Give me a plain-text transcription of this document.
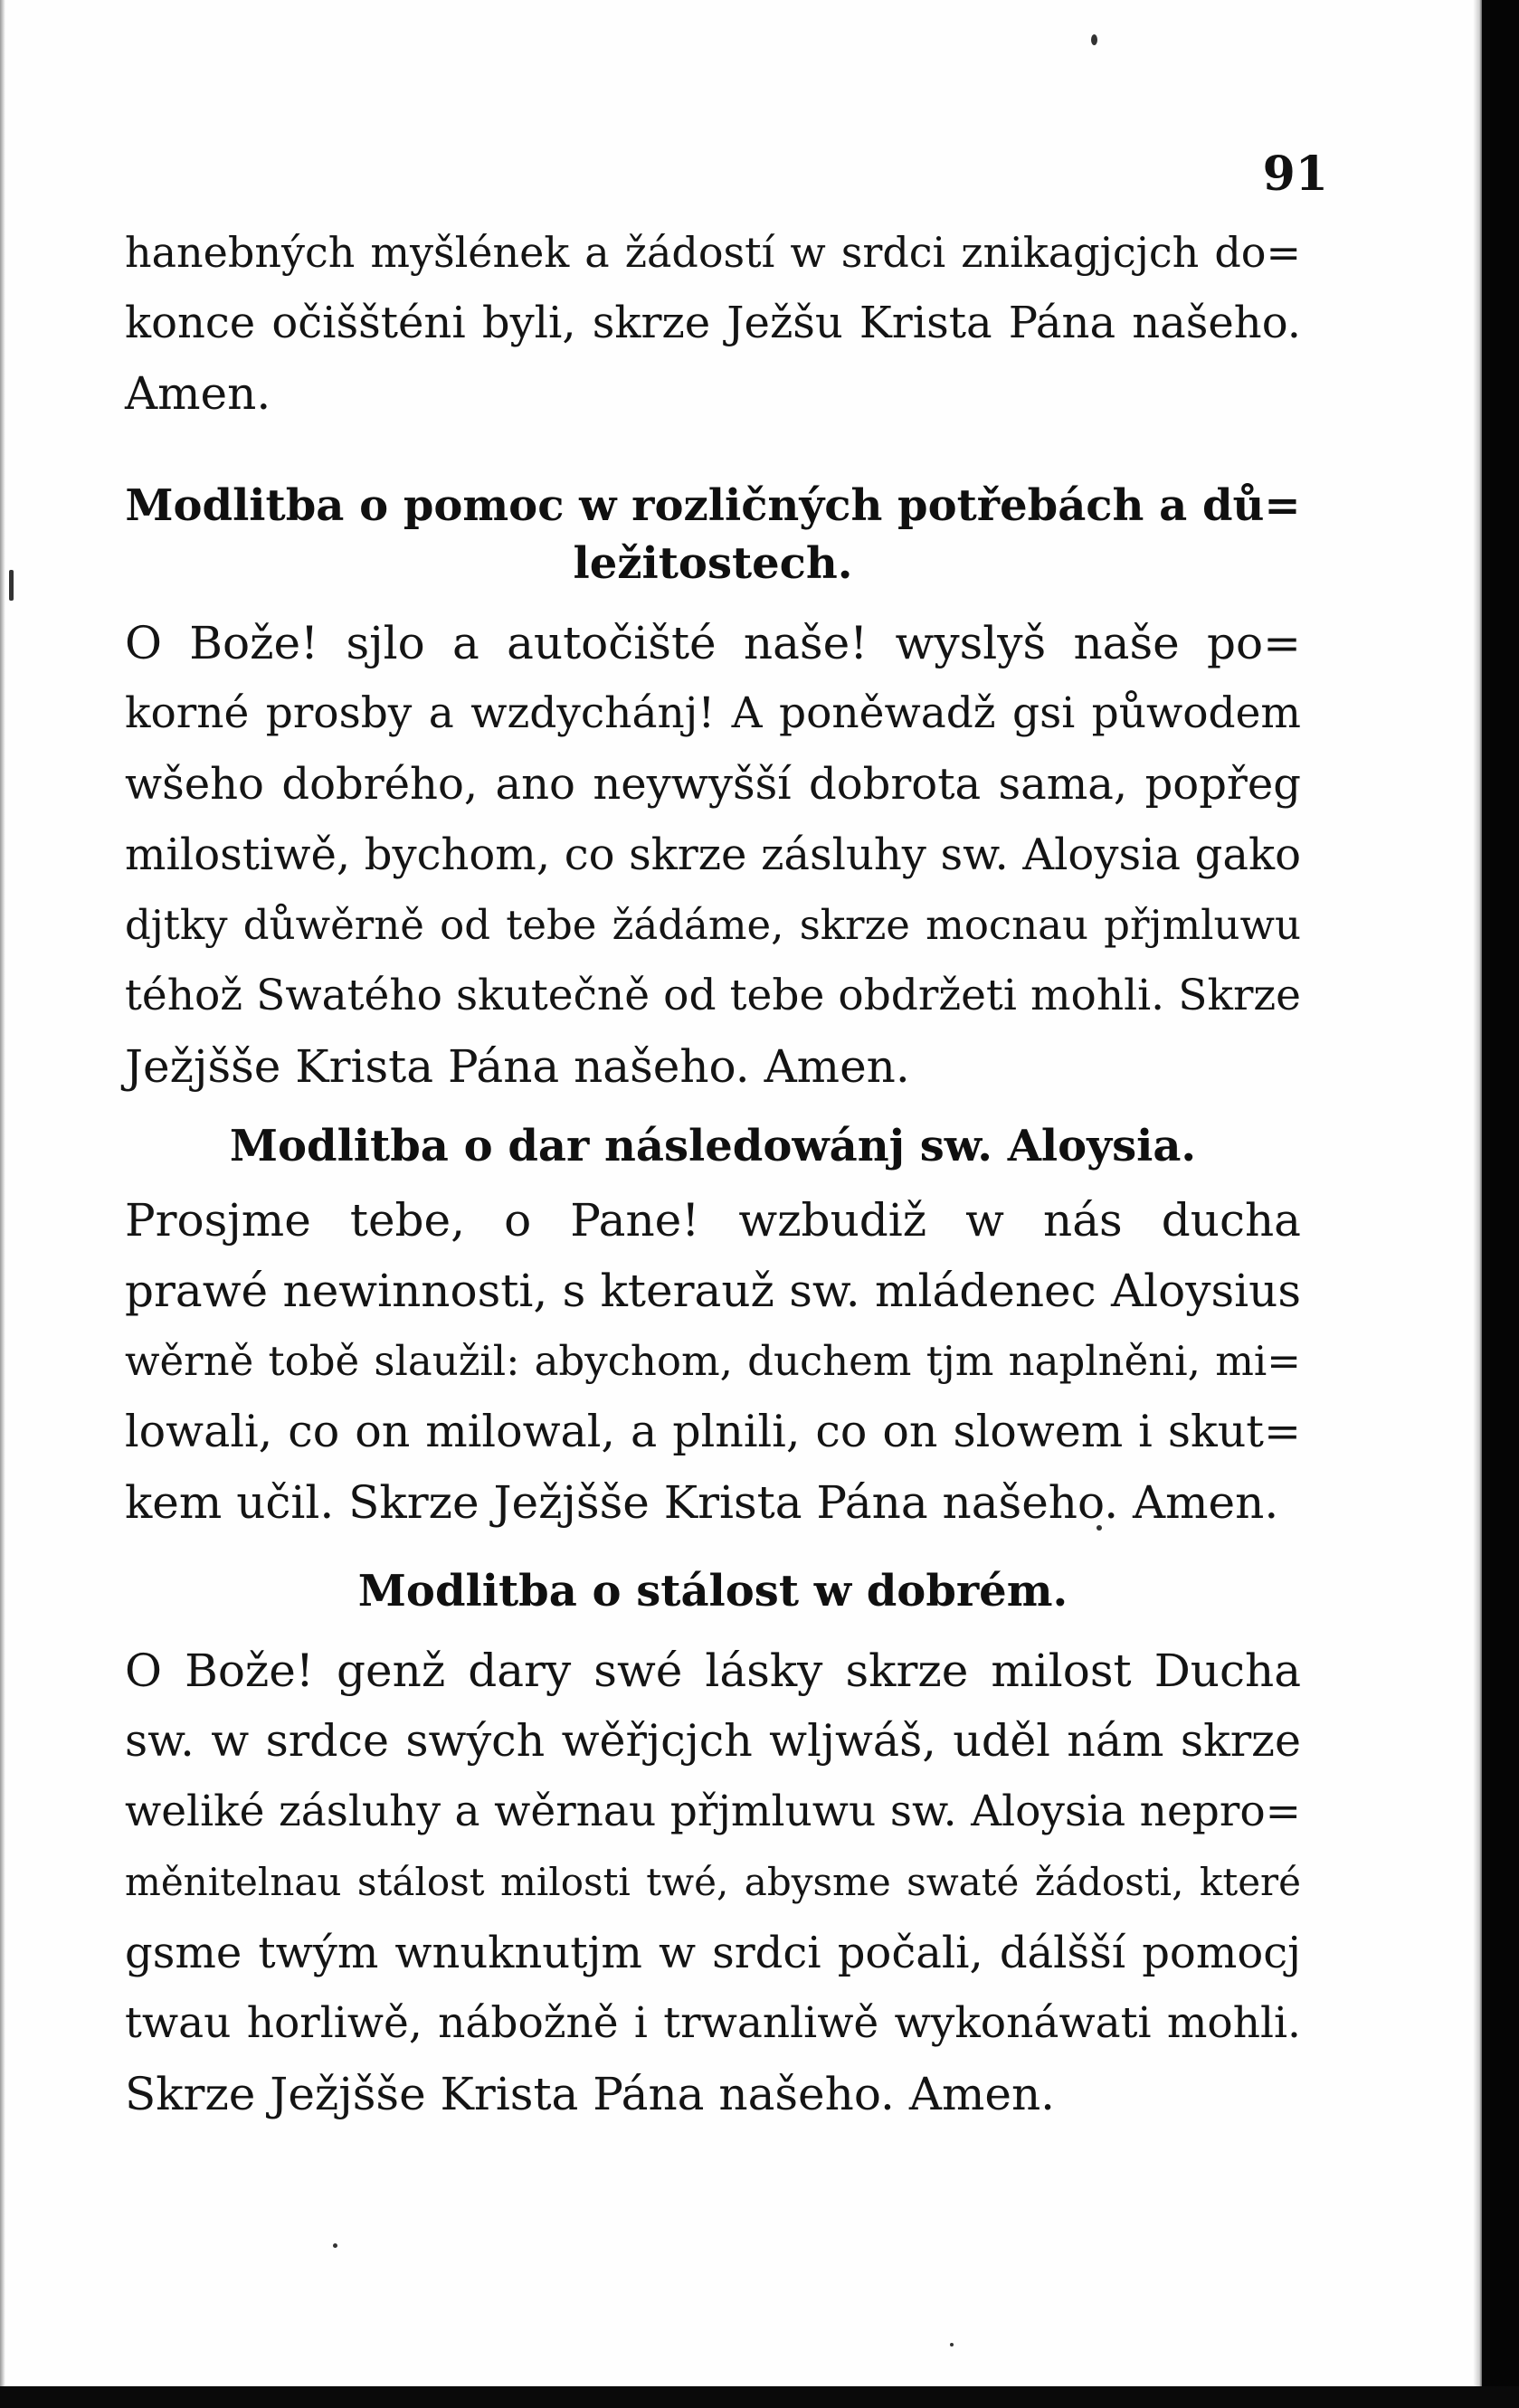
91
hanebných myšlének a žádostí w srdci znikagjcjch do=
konce očiššténi byli, skrze Ježšu Krista Pána našeho.
Amen.
Modlitba o pomoc w rozličných potřebách a dů=
ležitostech.
O Bože! sjlo a autočišté naše! wyslyš naše po=
korné prosby a wzdychánj! A poněwadž gsi půwodem
wšeho dobrého, ano neywyšší dobrota sama, popřeg
milostiwě, bychom, co skrze zásluhy sw. Aloysia gako
djtky důwěrně od tebe žádáme, skrze mocnau přjmluwu
téhož Swatého skutečně od tebe obdržeti mohli. Skrze
Ježjšše Krista Pána našeho. Amen.
Modlitba o dar následowánj sw. Aloysia.
Prosjme tebe, o Pane! wzbudiž w nás ducha
prawé newinnosti, s kterauž sw. mládenec Aloysius
wěrně tobě slaužil: abychom, duchem tjm naplněni, mi=
lowali, co on milowal, a plnili, co on slowem i skut=
kem učil. Skrze Ježjšše Krista Pána našeho. Amen.
Modlitba o stálost w dobrém.
O Bože! genž dary swé lásky skrze milost Ducha
sw. w srdce swých wěřjcjch wljwáš, uděl nám skrze
weliké zásluhy a wěrnau přjmluwu sw. Aloysia nepro=
měnitelnau stálost milosti twé, abysme swaté žádosti, které
gsme twým wnuknutjm w srdci počali, dálšší pomocj
twau horliwě, nábožně i trwanliwě wykonáwati mohli.
Skrze Ježjšše Krista Pána našeho. Amen.
